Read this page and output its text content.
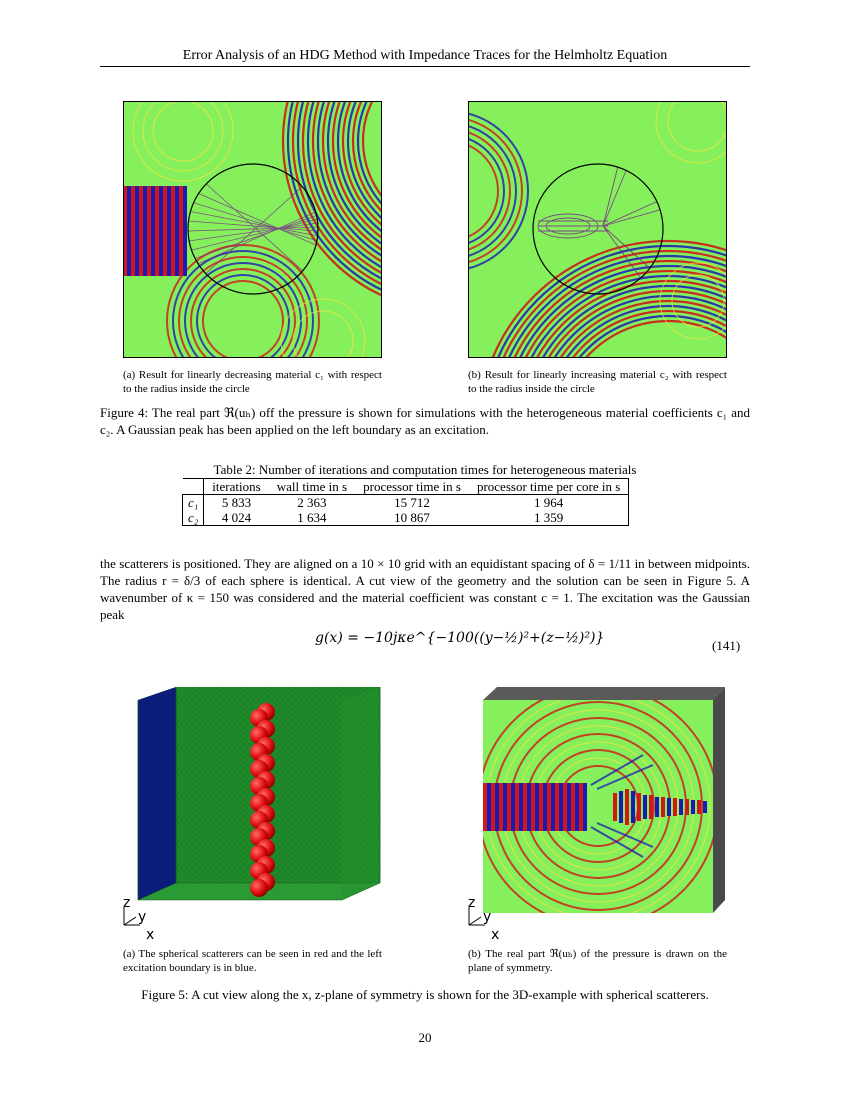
Error Analysis of an HDG Method with Impedance Traces for the Helmholtz Equation
(a) Result for linearly decreasing material c₁ with respect to the radius inside the circle
(b) Result for linearly increasing material c₂ with respect to the radius inside the circle
Figure 4: The real part ℜ(uₕ) off the pressure is shown for simulations with the heterogeneous material coefficients c₁ and c₂. A Gaussian peak has been applied on the left boundary as an excitation.
Table 2: Number of iterations and computation times for heterogeneous materials
	iterations	wall time in s	processor time in s	processor time per core in s
c₁	5 833	2 363	15 712	1 964
c₂	4 024	1 634	10 867	1 359
the scatterers is positioned. They are aligned on a 10 × 10 grid with an equidistant spacing of δ = 1/11 in between midpoints. The radius r = δ/3 of each sphere is identical. A cut view of the geometry and the solution can be seen in Figure 5. A wavenumber of κ = 150 was considered and the material coefficient was constant c = 1. The excitation was the Gaussian peak
g(x) = −10jκe^{−100((y−½)²+(z−½)²)}	(141)
z
y
x
z
y
x
(a) The spherical scatterers can be seen in red and the left excitation boundary is in blue.
(b) The real part ℜ(uₕ) of the pressure is drawn on the plane of symmetry.
Figure 5: A cut view along the x, z-plane of symmetry is shown for the 3D-example with spherical scatterers.
20
